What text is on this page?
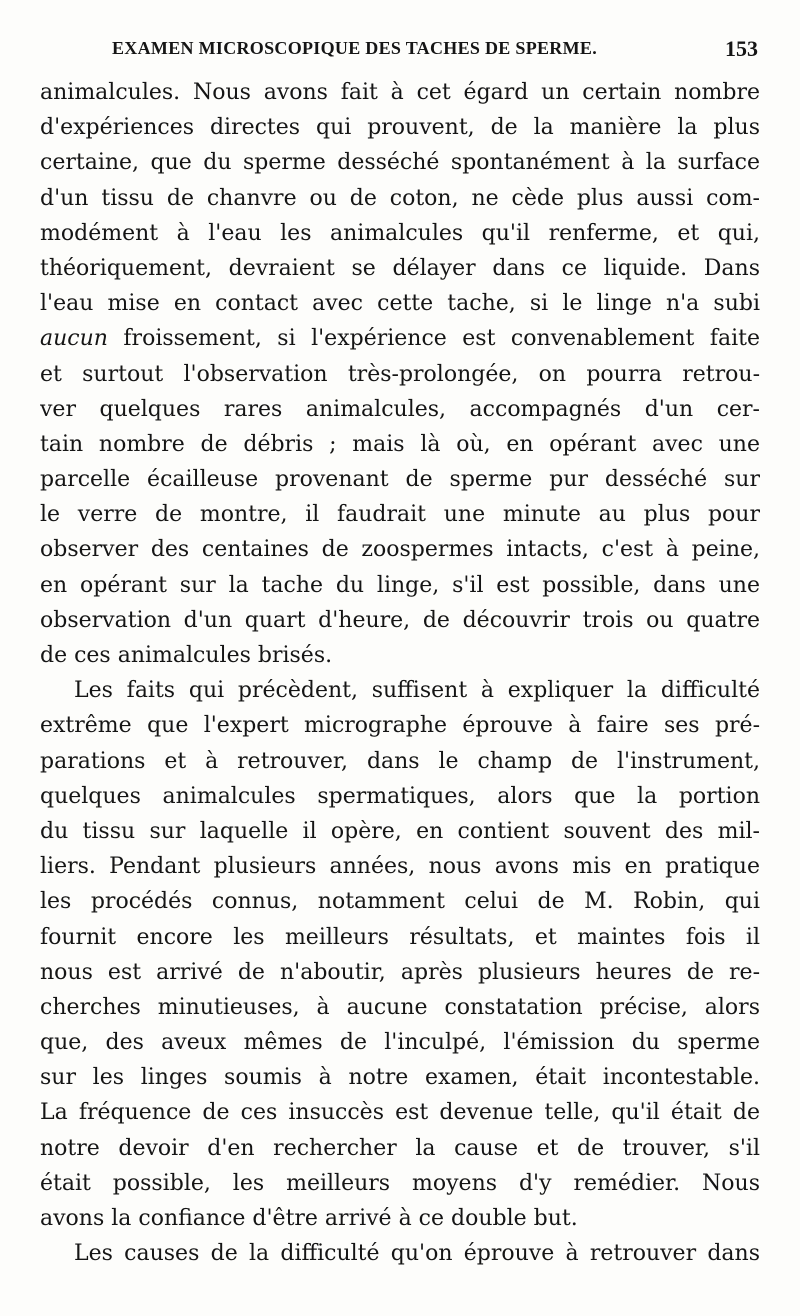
EXAMEN MICROSCOPIQUE DES TACHES DE SPERME.	153
animalcules. Nous avons fait à cet égard un certain nombre
d'expériences directes qui prouvent, de la manière la plus
certaine, que du sperme desséché spontanément à la surface
d'un tissu de chanvre ou de coton, ne cède plus aussi com-
modément à l'eau les animalcules qu'il renferme, et qui,
théoriquement, devraient se délayer dans ce liquide. Dans
l'eau mise en contact avec cette tache, si le linge n'a subi
aucun froissement, si l'expérience est convenablement faite
et surtout l'observation très-prolongée, on pourra retrou-
ver quelques rares animalcules, accompagnés d'un cer-
tain nombre de débris ; mais là où, en opérant avec une
parcelle écailleuse provenant de sperme pur desséché sur
le verre de montre, il faudrait une minute au plus pour
observer des centaines de zoospermes intacts, c'est à peine,
en opérant sur la tache du linge, s'il est possible, dans une
observation d'un quart d'heure, de découvrir trois ou quatre
de ces animalcules brisés.
Les faits qui précèdent, suffisent à expliquer la difficulté
extrême que l'expert micrographe éprouve à faire ses pré-
parations et à retrouver, dans le champ de l'instrument,
quelques animalcules spermatiques, alors que la portion
du tissu sur laquelle il opère, en contient souvent des mil-
liers. Pendant plusieurs années, nous avons mis en pratique
les procédés connus, notamment celui de M. Robin, qui
fournit encore les meilleurs résultats, et maintes fois il
nous est arrivé de n'aboutir, après plusieurs heures de re-
cherches minutieuses, à aucune constatation précise, alors
que, des aveux mêmes de l'inculpé, l'émission du sperme
sur les linges soumis à notre examen, était incontestable.
La fréquence de ces insuccès est devenue telle, qu'il était de
notre devoir d'en rechercher la cause et de trouver, s'il
était possible, les meilleurs moyens d'y remédier. Nous
avons la confiance d'être arrivé à ce double but.
Les causes de la difficulté qu'on éprouve à retrouver dans
